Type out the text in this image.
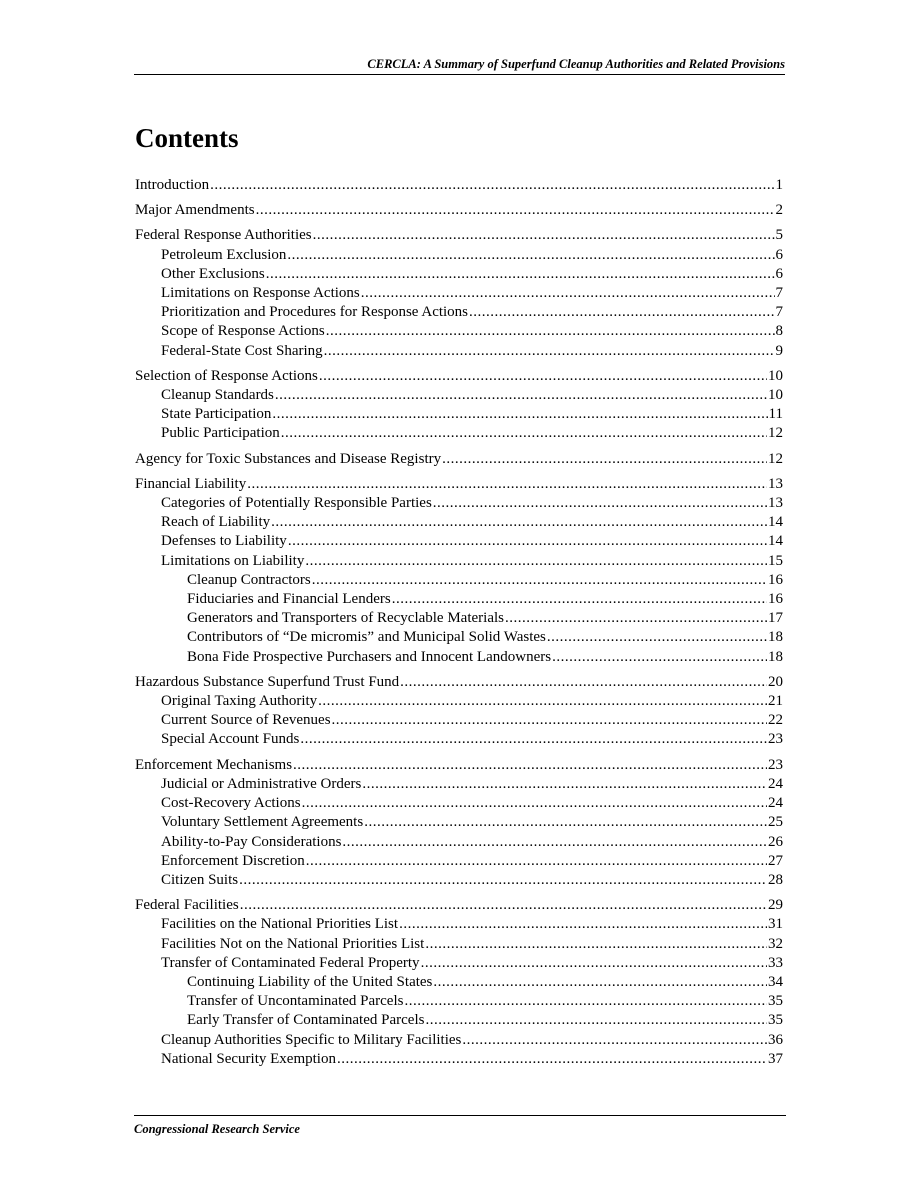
CERCLA: A Summary of Superfund Cleanup Authorities and Related Provisions
Contents
Introduction .....	1
Major Amendments .....	2
Federal Response Authorities .....	5
Petroleum Exclusion .....	6
Other Exclusions .....	6
Limitations on Response Actions .....	7
Prioritization and Procedures for Response Actions .....	7
Scope of Response Actions .....	8
Federal-State Cost Sharing .....	9
Selection of Response Actions .....	10
Cleanup Standards .....	10
State Participation .....	11
Public Participation .....	12
Agency for Toxic Substances and Disease Registry .....	12
Financial Liability .....	13
Categories of Potentially Responsible Parties .....	13
Reach of Liability .....	14
Defenses to Liability .....	14
Limitations on Liability .....	15
Cleanup Contractors .....	16
Fiduciaries and Financial Lenders .....	16
Generators and Transporters of Recyclable Materials .....	17
Contributors of “De micromis” and Municipal Solid Wastes .....	18
Bona Fide Prospective Purchasers and Innocent Landowners .....	18
Hazardous Substance Superfund Trust Fund .....	20
Original Taxing Authority .....	21
Current Source of Revenues .....	22
Special Account Funds .....	23
Enforcement Mechanisms .....	23
Judicial or Administrative Orders .....	24
Cost-Recovery Actions .....	24
Voluntary Settlement Agreements .....	25
Ability-to-Pay Considerations .....	26
Enforcement Discretion .....	27
Citizen Suits .....	28
Federal Facilities .....	29
Facilities on the National Priorities List .....	31
Facilities Not on the National Priorities List .....	32
Transfer of Contaminated Federal Property .....	33
Continuing Liability of the United States .....	34
Transfer of Uncontaminated Parcels .....	35
Early Transfer of Contaminated Parcels .....	35
Cleanup Authorities Specific to Military Facilities .....	36
National Security Exemption .....	37
Congressional Research Service
